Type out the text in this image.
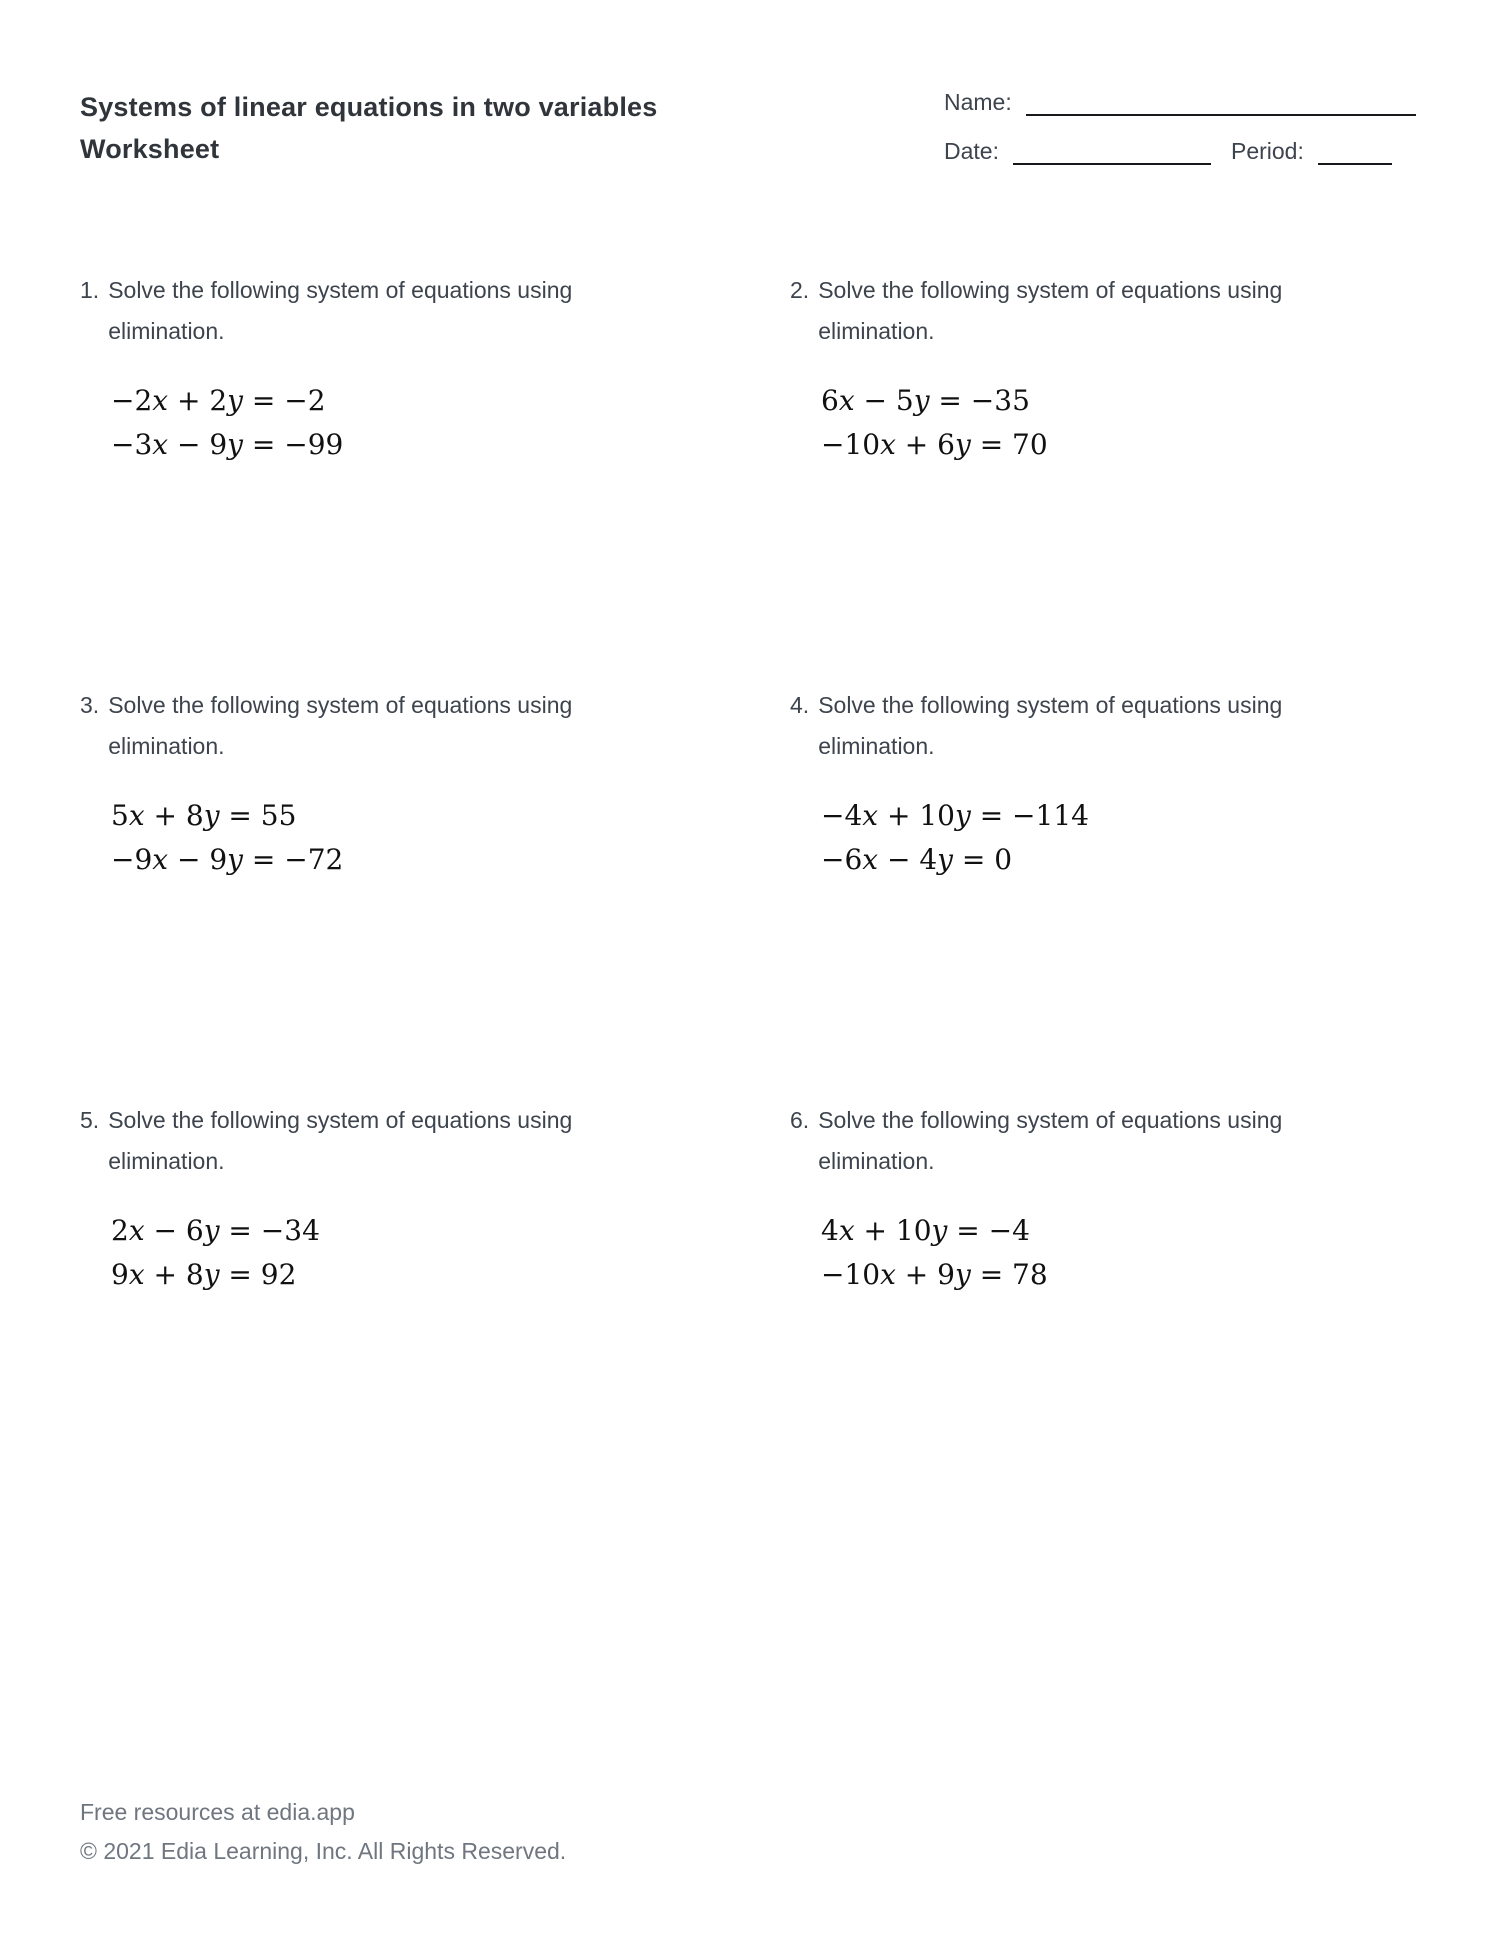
Systems of linear equations in two variables
Worksheet
Name:
Date:	Period:
1. Solve the following system of equations using
elimination.
−2x + 2y = −2
−3x − 9y = −99
2. Solve the following system of equations using
elimination.
6x − 5y = −35
−10x + 6y = 70
3. Solve the following system of equations using
elimination.
5x + 8y = 55
−9x − 9y = −72
4. Solve the following system of equations using
elimination.
−4x + 10y = −114
−6x − 4y = 0
5. Solve the following system of equations using
elimination.
2x − 6y = −34
9x + 8y = 92
6. Solve the following system of equations using
elimination.
4x + 10y = −4
−10x + 9y = 78
Free resources at edia.app
© 2021 Edia Learning, Inc. All Rights Reserved.
